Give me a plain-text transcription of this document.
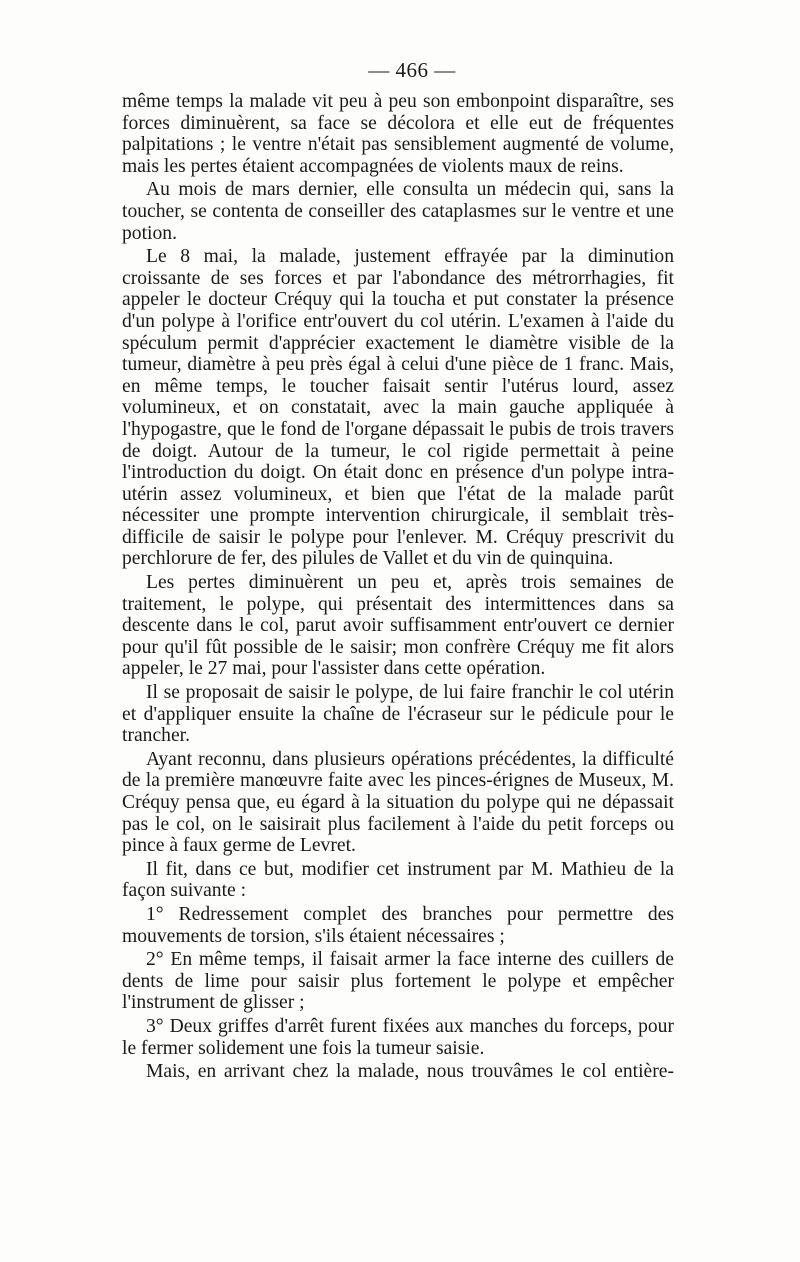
— 466 —

même temps la malade vit peu à peu son embonpoint disparaître, ses forces diminuèrent, sa face se décolora et elle eut de fréquentes palpitations ; le ventre n'était pas sensiblement augmenté de volume, mais les pertes étaient accompagnées de violents maux de reins.

Au mois de mars dernier, elle consulta un médecin qui, sans la toucher, se contenta de conseiller des cataplasmes sur le ventre et une potion.

Le 8 mai, la malade, justement effrayée par la diminution croissante de ses forces et par l'abondance des métrorrhagies, fit appeler le docteur Créquy qui la toucha et put constater la présence d'un polype à l'orifice entr'ouvert du col utérin. L'examen à l'aide du spéculum permit d'apprécier exactement le diamètre visible de la tumeur, diamètre à peu près égal à celui d'une pièce de 1 franc. Mais, en même temps, le toucher faisait sentir l'utérus lourd, assez volumineux, et on constatait, avec la main gauche appliquée à l'hypogastre, que le fond de l'organe dépassait le pubis de trois travers de doigt. Autour de la tumeur, le col rigide permettait à peine l'introduction du doigt. On était donc en présence d'un polype intra-utérin assez volumineux, et bien que l'état de la malade parût nécessiter une prompte intervention chirurgicale, il semblait très-difficile de saisir le polype pour l'enlever. M. Créquy prescrivit du perchlorure de fer, des pilules de Vallet et du vin de quinquina.

Les pertes diminuèrent un peu et, après trois semaines de traitement, le polype, qui présentait des intermittences dans sa descente dans le col, parut avoir suffisamment entr'ouvert ce dernier pour qu'il fût possible de le saisir; mon confrère Créquy me fit alors appeler, le 27 mai, pour l'assister dans cette opération.

Il se proposait de saisir le polype, de lui faire franchir le col utérin et d'appliquer ensuite la chaîne de l'écraseur sur le pédicule pour le trancher.

Ayant reconnu, dans plusieurs opérations précédentes, la difficulté de la première manœuvre faite avec les pinces-érignes de Museux, M. Créquy pensa que, eu égard à la situation du polype qui ne dépassait pas le col, on le saisirait plus facilement à l'aide du petit forceps ou pince à faux germe de Levret.

Il fit, dans ce but, modifier cet instrument par M. Mathieu de la façon suivante :

1° Redressement complet des branches pour permettre des mouvements de torsion, s'ils étaient nécessaires ;

2° En même temps, il faisait armer la face interne des cuillers de dents de lime pour saisir plus fortement le polype et empêcher l'instrument de glisser ;

3° Deux griffes d'arrêt furent fixées aux manches du forceps, pour le fermer solidement une fois la tumeur saisie.

Mais, en arrivant chez la malade, nous trouvâmes le col entière-
